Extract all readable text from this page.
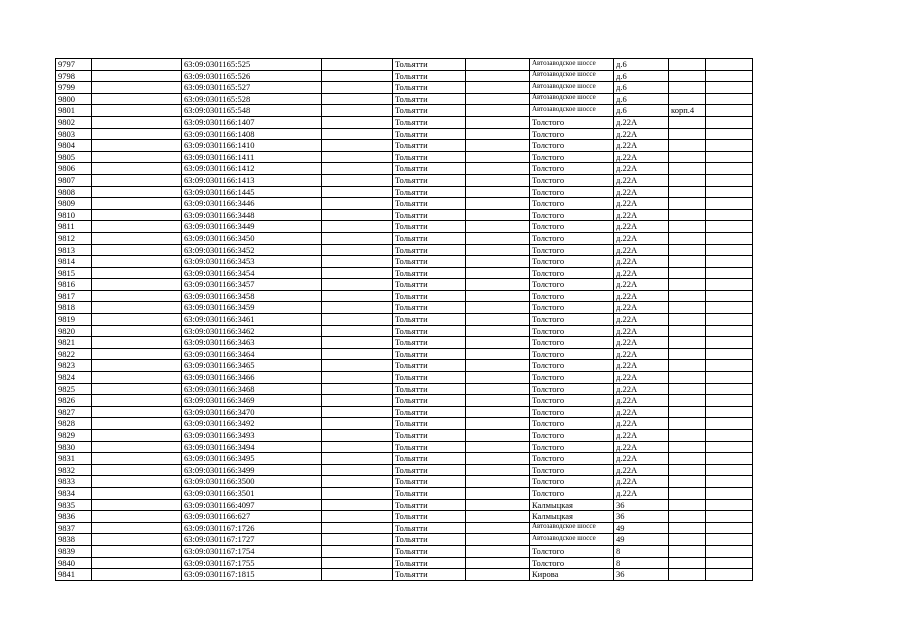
9797		63:09:0301165:525		Тольятти		Автозаводское шоссе	д.6		
9798		63:09:0301165:526		Тольятти		Автозаводское шоссе	д.6		
9799		63:09:0301165:527		Тольятти		Автозаводское шоссе	д.6		
9800		63:09:0301165:528		Тольятти		Автозаводское шоссе	д.6		
9801		63:09:0301165:548		Тольятти		Автозаводское шоссе	д.6	корп.4	
9802		63:09:0301166:1407		Тольятти		Толстого	д.22А		
9803		63:09:0301166:1408		Тольятти		Толстого	д.22А		
9804		63:09:0301166:1410		Тольятти		Толстого	д.22А		
9805		63:09:0301166:1411		Тольятти		Толстого	д.22А		
9806		63:09:0301166:1412		Тольятти		Толстого	д.22А		
9807		63:09:0301166:1413		Тольятти		Толстого	д.22А		
9808		63:09:0301166:1445		Тольятти		Толстого	д.22А		
9809		63:09:0301166:3446		Тольятти		Толстого	д.22А		
9810		63:09:0301166:3448		Тольятти		Толстого	д.22А		
9811		63:09:0301166:3449		Тольятти		Толстого	д.22А		
9812		63:09:0301166:3450		Тольятти		Толстого	д.22А		
9813		63:09:0301166:3452		Тольятти		Толстого	д.22А		
9814		63:09:0301166:3453		Тольятти		Толстого	д.22А		
9815		63:09:0301166:3454		Тольятти		Толстого	д.22А		
9816		63:09:0301166:3457		Тольятти		Толстого	д.22А		
9817		63:09:0301166:3458		Тольятти		Толстого	д.22А		
9818		63:09:0301166:3459		Тольятти		Толстого	д.22А		
9819		63:09:0301166:3461		Тольятти		Толстого	д.22А		
9820		63:09:0301166:3462		Тольятти		Толстого	д.22А		
9821		63:09:0301166:3463		Тольятти		Толстого	д.22А		
9822		63:09:0301166:3464		Тольятти		Толстого	д.22А		
9823		63:09:0301166:3465		Тольятти		Толстого	д.22А		
9824		63:09:0301166:3466		Тольятти		Толстого	д.22А		
9825		63:09:0301166:3468		Тольятти		Толстого	д.22А		
9826		63:09:0301166:3469		Тольятти		Толстого	д.22А		
9827		63:09:0301166:3470		Тольятти		Толстого	д.22А		
9828		63:09:0301166:3492		Тольятти		Толстого	д.22А		
9829		63:09:0301166:3493		Тольятти		Толстого	д.22А		
9830		63:09:0301166:3494		Тольятти		Толстого	д.22А		
9831		63:09:0301166:3495		Тольятти		Толстого	д.22А		
9832		63:09:0301166:3499		Тольятти		Толстого	д.22А		
9833		63:09:0301166:3500		Тольятти		Толстого	д.22А		
9834		63:09:0301166:3501		Тольятти		Толстого	д.22А		
9835		63:09:0301166:4097		Тольятти		Калмыцкая	36		
9836		63:09:0301166:627		Тольятти		Калмыцкая	36		
9837		63:09:0301167:1726		Тольятти		Автозаводское шоссе	49		
9838		63:09:0301167:1727		Тольятти		Автозаводское шоссе	49		
9839		63:09:0301167:1754		Тольятти		Толстого	8		
9840		63:09:0301167:1755		Тольятти		Толстого	8		
9841		63:09:0301167:1815		Тольятти		Кирова	36		
